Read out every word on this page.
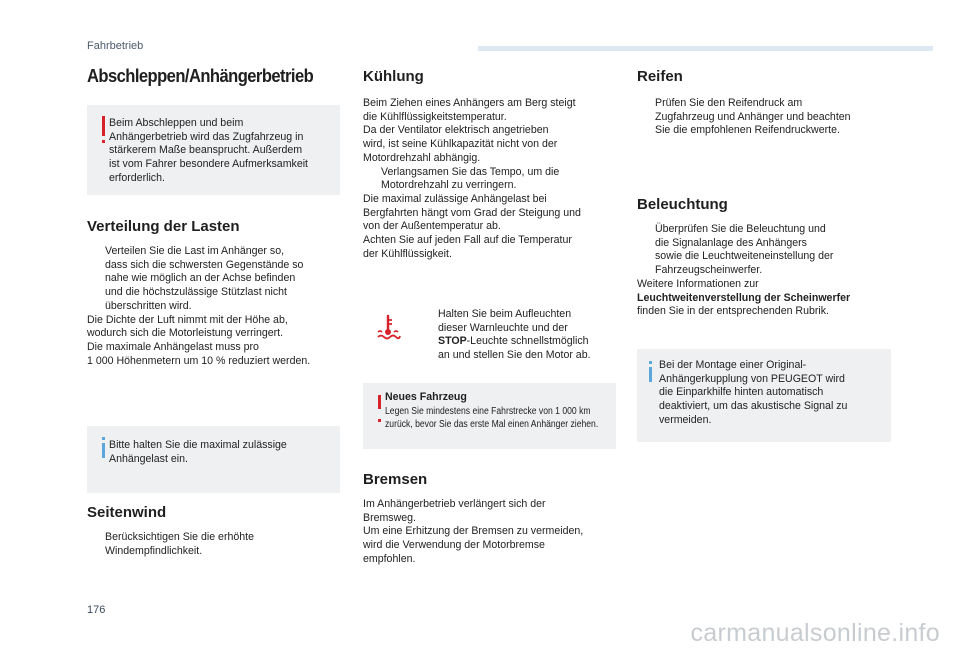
Fahrbetrieb
Abschleppen/Anhängerbetrieb
Beim Abschleppen und beim
Anhängerbetrieb wird das Zugfahrzeug in
stärkerem Maße beansprucht. Außerdem
ist vom Fahrer besondere Aufmerksamkeit
erforderlich.
Verteilung der Lasten
Verteilen Sie die Last im Anhänger so,
dass sich die schwersten Gegenstände so
nahe wie möglich an der Achse befinden
und die höchstzulässige Stützlast nicht
überschritten wird.
Die Dichte der Luft nimmt mit der Höhe ab,
wodurch sich die Motorleistung verringert.
Die maximale Anhängelast muss pro
1 000 Höhenmetern um 10 % reduziert werden.
Bitte halten Sie die maximal zulässige
Anhängelast ein.
Seitenwind
Berücksichtigen Sie die erhöhte
Windempfindlichkeit.
Kühlung
Beim Ziehen eines Anhängers am Berg steigt
die Kühlflüssigkeitstemperatur.
Da der Ventilator elektrisch angetrieben
wird, ist seine Kühlkapazität nicht von der
Motordrehzahl abhängig.
Verlangsamen Sie das Tempo, um die
Motordrehzahl zu verringern.
Die maximal zulässige Anhängelast bei
Bergfahrten hängt vom Grad der Steigung und
von der Außentemperatur ab.
Achten Sie auf jeden Fall auf die Temperatur
der Kühlflüssigkeit.
Halten Sie beim Aufleuchten
dieser Warnleuchte und der
STOP-Leuchte schnellstmöglich
an und stellen Sie den Motor ab.
Neues Fahrzeug
Legen Sie mindestens eine Fahrstrecke von 1 000 km
zurück, bevor Sie das erste Mal einen Anhänger ziehen.
Bremsen
Im Anhängerbetrieb verlängert sich der
Bremsweg.
Um eine Erhitzung der Bremsen zu vermeiden,
wird die Verwendung der Motorbremse
empfohlen.
Reifen
Prüfen Sie den Reifendruck am
Zugfahrzeug und Anhänger und beachten
Sie die empfohlenen Reifendruckwerte.
Beleuchtung
Überprüfen Sie die Beleuchtung und
die Signalanlage des Anhängers
sowie die Leuchtweiteneinstellung der
Fahrzeugscheinwerfer.
Weitere Informationen zur
Leuchtweitenverstellung der Scheinwerfer
finden Sie in der entsprechenden Rubrik.
Bei der Montage einer Original-
Anhängerkupplung von PEUGEOT wird
die Einparkhilfe hinten automatisch
deaktiviert, um das akustische Signal zu
vermeiden.
176
carmanualsonline.info
